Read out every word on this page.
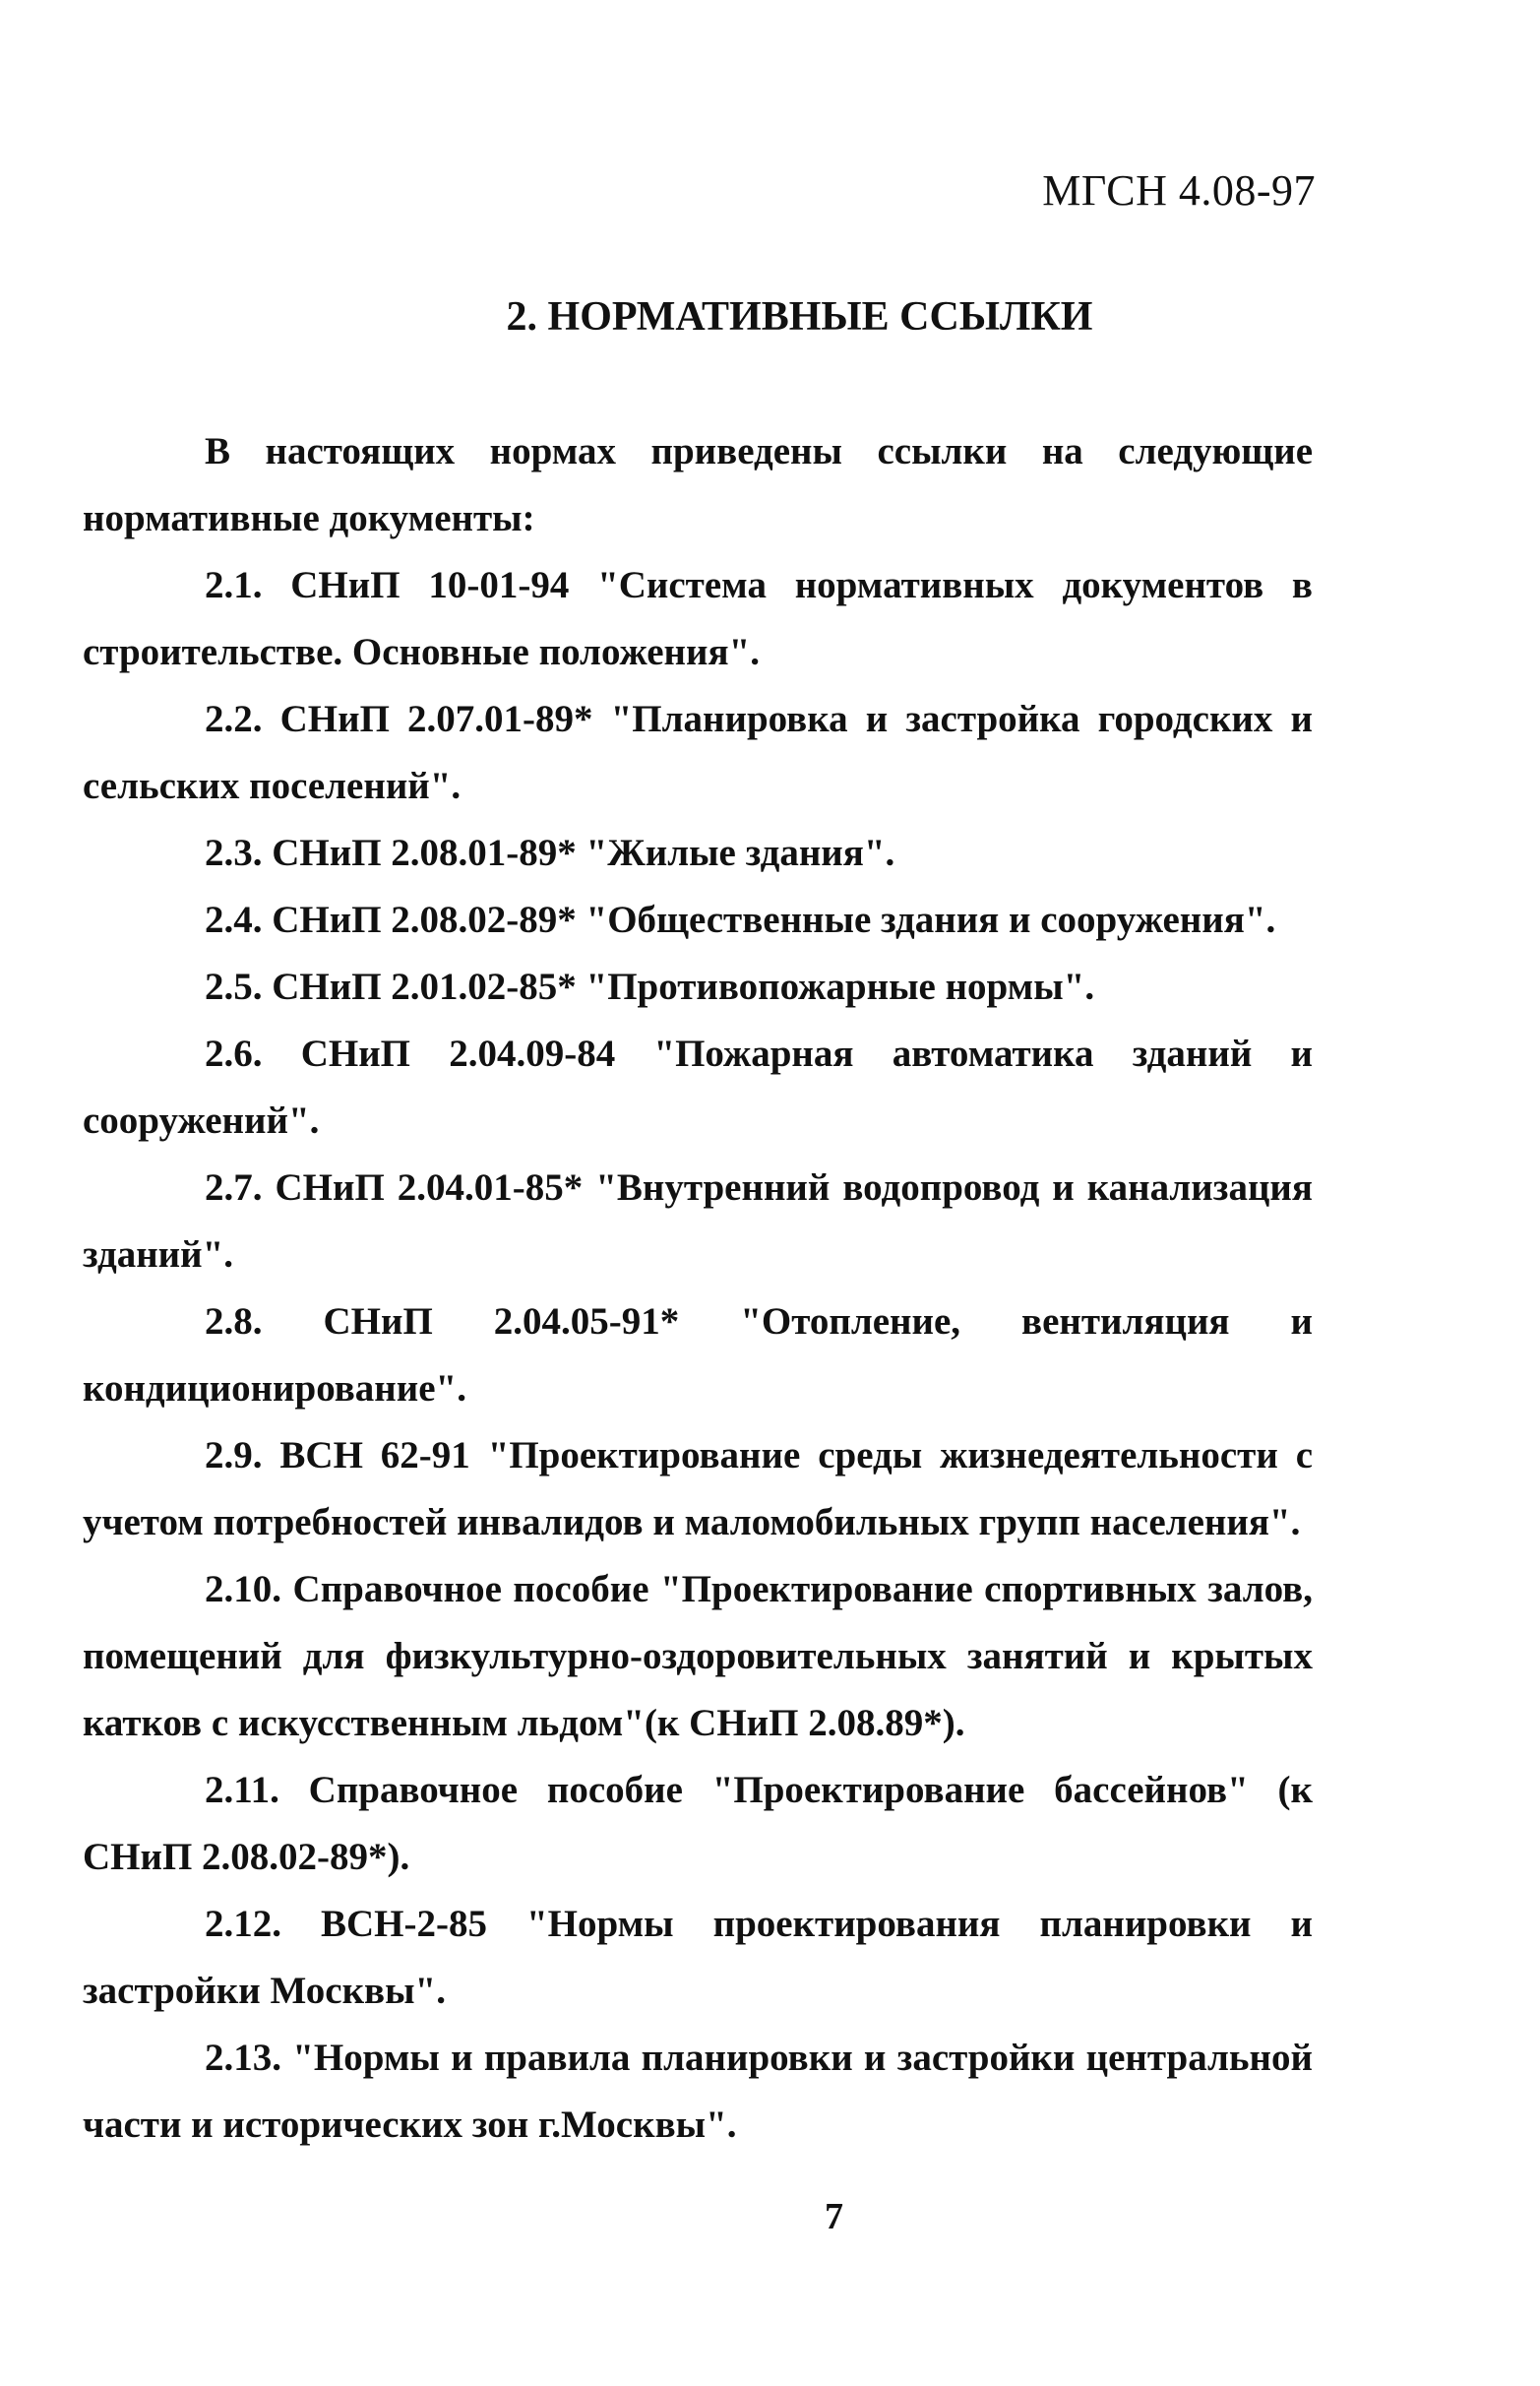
МГСН 4.08-97
2. НОРМАТИВНЫЕ ССЫЛКИ

В настоящих нормах приведены ссылки на следующие нормативные документы:

2.1. СНиП 10-01-94 "Система нормативных документов в строительстве. Основные положения".

2.2. СНиП 2.07.01-89* "Планировка и застройка городских и сельских поселений".

2.3. СНиП 2.08.01-89* "Жилые здания".

2.4. СНиП 2.08.02-89* "Общественные здания и сооружения".

2.5. СНиП 2.01.02-85* "Противопожарные нормы".

2.6. СНиП 2.04.09-84 "Пожарная автоматика зданий и сооружений".

2.7. СНиП 2.04.01-85* "Внутренний водопровод и канализация зданий".

2.8. СНиП 2.04.05-91* "Отопление, вентиляция и кондиционирование".

2.9. ВСН 62-91 "Проектирование среды жизнедеятельности с учетом потребностей инвалидов и маломобильных групп населения".

2.10. Справочное пособие "Проектирование спортивных залов, помещений для физкультурно-оздоровительных занятий и крытых катков с искусственным льдом"(к СНиП 2.08.89*).

2.11. Справочное пособие "Проектирование бассейнов" (к СНиП 2.08.02-89*).

2.12. ВСН-2-85 "Нормы проектирования планировки и застройки Москвы".

2.13. "Нормы и правила планировки и застройки центральной части и исторических зон г.Москвы".

7
